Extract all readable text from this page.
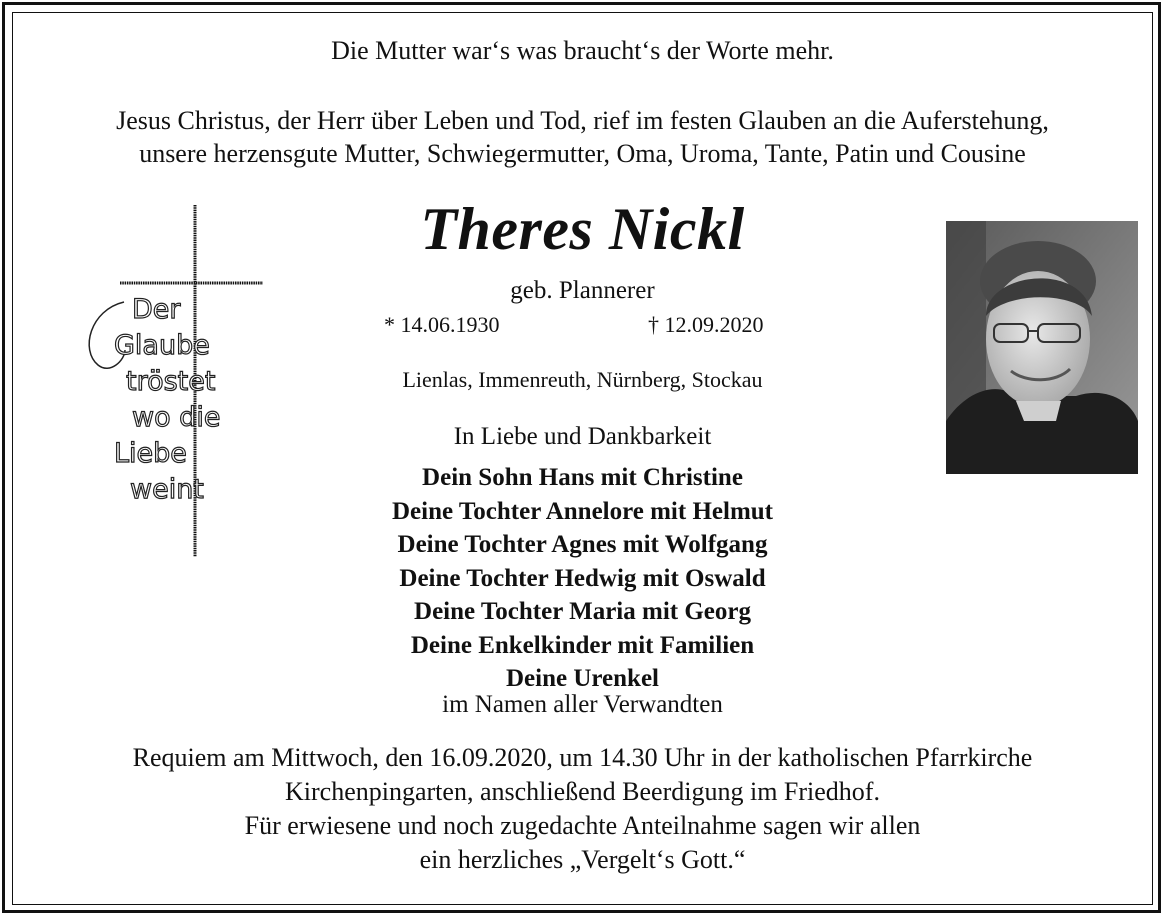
Die Mutter war‘s was braucht‘s der Worte mehr.
Jesus Christus, der Herr über Leben und Tod, rief im festen Glauben an die Auferstehung,
unsere herzensgute Mutter, Schwiegermutter, Oma, Uroma, Tante, Patin und Cousine
Der
Glaube
tröstet
wo die
Liebe
weint
Theres Nickl
geb. Plannerer
* 14.06.1930	† 12.09.2020
Lienlas, Immenreuth, Nürnberg, Stockau
In Liebe und Dankbarkeit
Dein Sohn Hans mit Christine
Deine Tochter Annelore mit Helmut
Deine Tochter Agnes mit Wolfgang
Deine Tochter Hedwig mit Oswald
Deine Tochter Maria mit Georg
Deine Enkelkinder mit Familien
Deine Urenkel
im Namen aller Verwandten
Requiem am Mittwoch, den 16.09.2020, um 14.30 Uhr in der katholischen Pfarrkirche
Kirchenpingarten, anschließend Beerdigung im Friedhof.
Für erwiesene und noch zugedachte Anteilnahme sagen wir allen
ein herzliches „Vergelt‘s Gott.“
